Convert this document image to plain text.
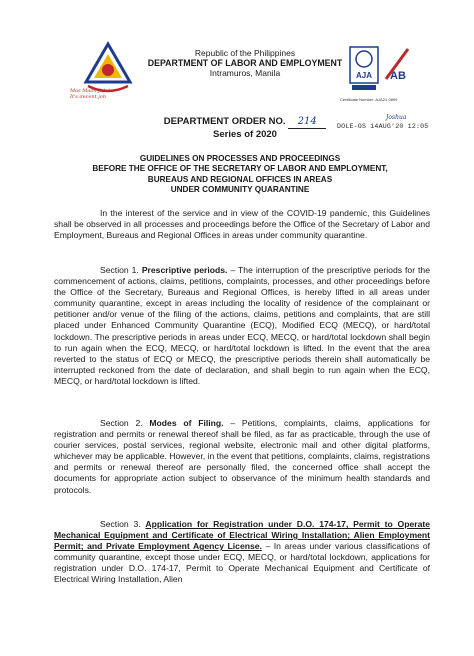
Mas Maon Jolo!
It's decent job
Republic of the Philippines
DEPARTMENT OF LABOR AND EMPLOYMENT
Intramuros, Manila	AJA AB
Certificate Number: AJA21-0899
DEPARTMENT ORDER NO. 214
Series of 2020
Joshua
DOLE-OS 14AUG'20 12:05
GUIDELINES ON PROCESSES AND PROCEEDINGS
BEFORE THE OFFICE OF THE SECRETARY OF LABOR AND EMPLOYMENT,
BUREAUS AND REGIONAL OFFICES IN AREAS
UNDER COMMUNITY QUARANTINE

In the interest of the service and in view of the COVID-19 pandemic, this Guidelines shall be observed in all processes and proceedings before the Office of the Secretary of Labor and Employment, Bureaus and Regional Offices in areas under community quarantine.

Section 1. Prescriptive periods. – The interruption of the prescriptive periods for the commencement of actions, claims, petitions, complaints, processes, and other proceedings before the Office of the Secretary, Bureaus and Regional Offices, is hereby lifted in all areas under community quarantine, except in areas including the locality of residence of the complainant or petitioner and/or venue of the filing of the actions, claims, petitions and complaints, that are still placed under Enhanced Community Quarantine (ECQ), Modified ECQ (MECQ), or hard/total lockdown. The prescriptive periods in areas under ECQ, MECQ, or hard/total lockdown shall begin to run again when the ECQ, MECQ, or hard/total lockdown is lifted. In the event that the area reverted to the status of ECQ or MECQ, the prescriptive periods therein shall automatically be interrupted reckoned from the date of declaration, and shall begin to run again when the ECQ, MECQ, or hard/total lockdown is lifted.

Section 2. Modes of Filing. – Petitions, complaints, claims, applications for registration and permits or renewal thereof shall be filed, as far as practicable, through the use of courier services, postal services, regional website, electronic mail and other digital platforms, whichever may be applicable. However, in the event that petitions, complaints, claims, registrations and permits or renewal thereof are personally filed, the concerned office shall accept the documents for appropriate action subject to observance of the minimum health standards and protocols.

Section 3. Application for Registration under D.O. 174-17, Permit to Operate Mechanical Equipment and Certificate of Electrical Wiring Installation; Alien Employment Permit; and Private Employment Agency License. – In areas under various classifications of community quarantine, except those under ECQ, MECQ, or hard/total lockdown, applications for registration under D.O. 174-17, Permit to Operate Mechanical Equipment and Certificate of Electrical Wiring Installation, Alien
